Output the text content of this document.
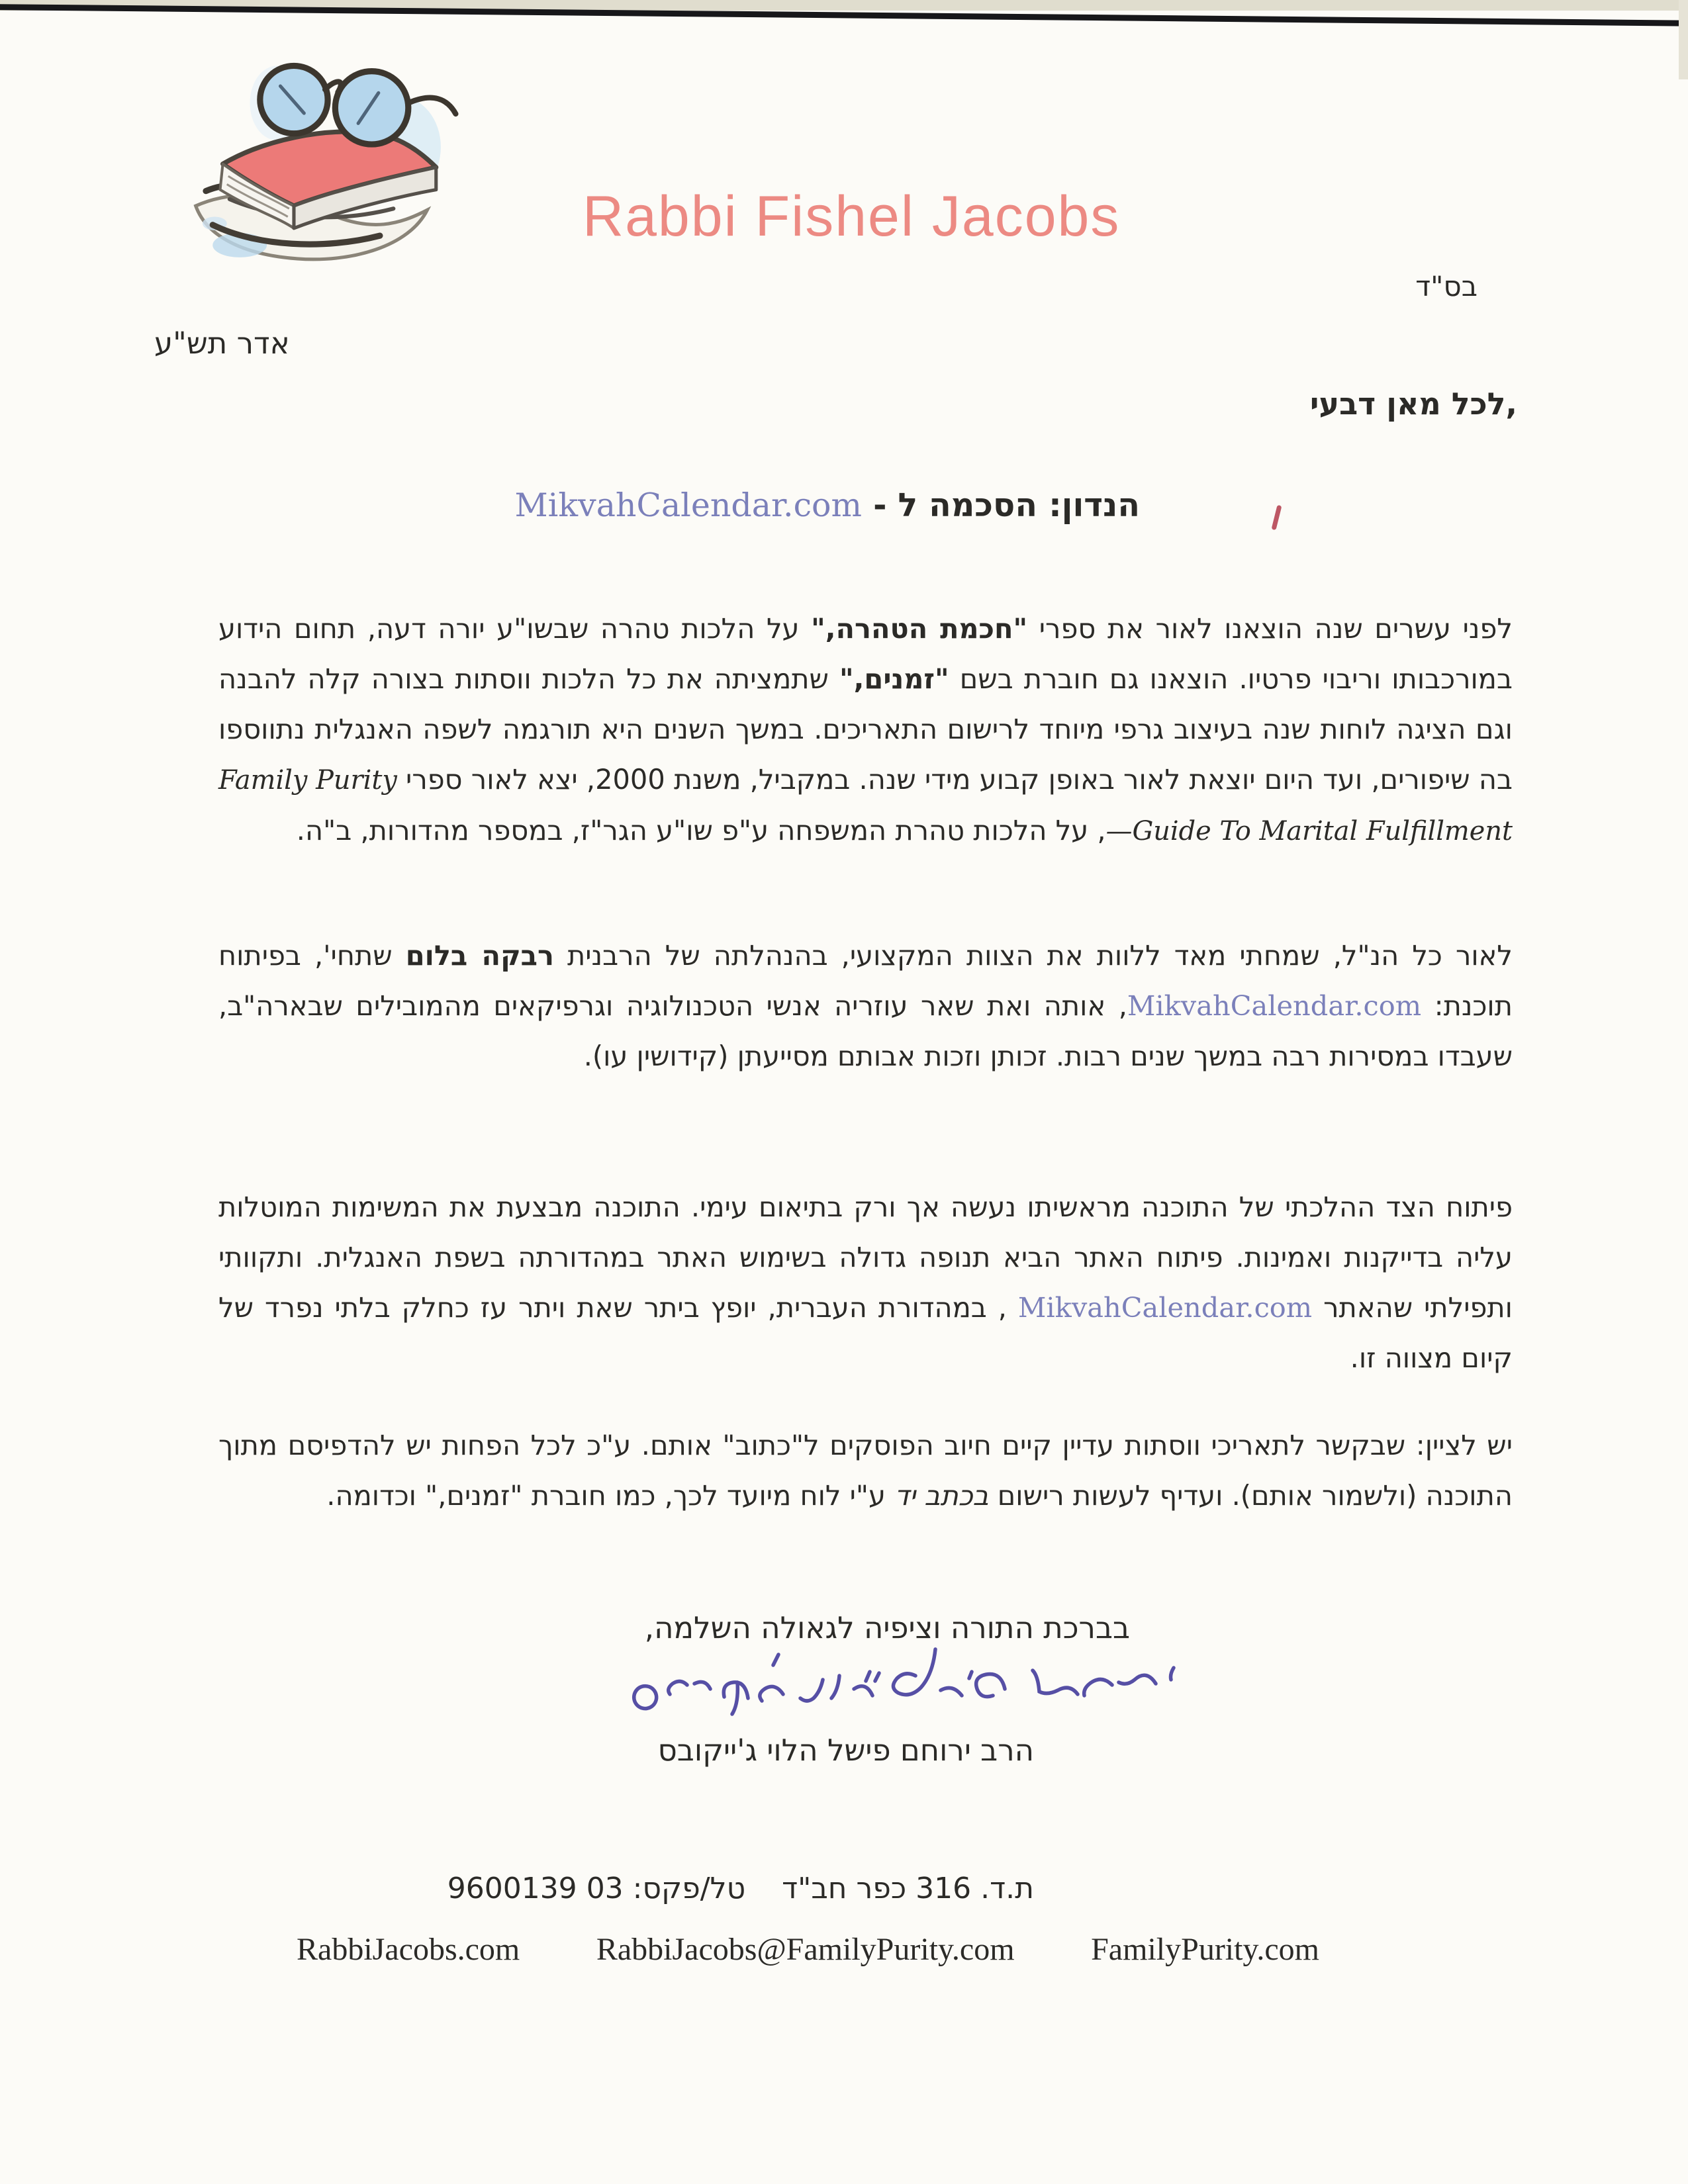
Rabbi Fishel Jacobs
בס"ד
אדר תש"ע
לכל מאן דבעי,
הנדון: הסכמה ל - MikvahCalendar.com

לפני עשרים שנה הוצאנו לאור את ספרי "חכמת הטהרה," על הלכות טהרה שבשו"ע יורה דעה, תחום הידוע במורכבותו וריבוי פרטיו. הוצאנו גם חוברת בשם "זמנים," שתמציתה את כל הלכות ווסתות בצורה קלה להבנה וגם הציגה לוחות שנה בעיצוב גרפי מיוחד לרישום התאריכים. במשך השנים היא תורגמה לשפה האנגלית נתווספו בה שיפורים, ועד היום יוצאת לאור באופן קבוע מידי שנה. במקביל, משנת 2000, יצא לאור ספרי Family Purity—Guide To Marital Fulfillment, על הלכות טהרת המשפחה ע"פ שו"ע הגר"ז, במספר מהדורות, ב"ה.

לאור כל הנ"ל, שמחתי מאד ללוות את הצוות המקצועי, בהנהלתה של הרבנית רבקה בלום שתחי', בפיתוח תוכנת: MikvahCalendar.com, אותה ואת שאר עוזריה אנשי הטכנולוגיה וגרפיקאים מהמובילים שבארה"ב, שעבדו במסירות רבה במשך שנים רבות. זכותן וזכות אבותם מסייעתן (קידושין עו).

פיתוח הצד ההלכתי של התוכנה מראשיתו נעשה אך ורק בתיאום עימי. התוכנה מבצעת את המשימות המוטלות עליה בדייקנות ואמינות. פיתוח האתר הביא תנופה גדולה בשימוש האתר במהדורתה בשפת האנגלית. ותקוותי ותפילתי שהאתר MikvahCalendar.com , במהדורת העברית, יופץ ביתר שאת ויתר עז כחלק בלתי נפרד של קיום מצווה זו.

יש לציין: שבקשר לתאריכי ווסתות עדיין קיים חיוב הפוסקים ל"כתוב" אותם. ע"כ לכל הפחות יש להדפיסם מתוך התוכנה (ולשמור אותם). ועדיף לעשות רישום בכתב יד ע"י לוח מיועד לכך, כמו חוברת "זמנים," וכדומה.

בברכת התורה וציפיה לגאולה השלמה,
הרב ירוחם פישל הלוי ג'ייקובס
ת.ד. 316 כפר חב"דטל/פקס: 03 9600139
RabbiJacobs.com RabbiJacobs@FamilyPurity.com FamilyPurity.com
